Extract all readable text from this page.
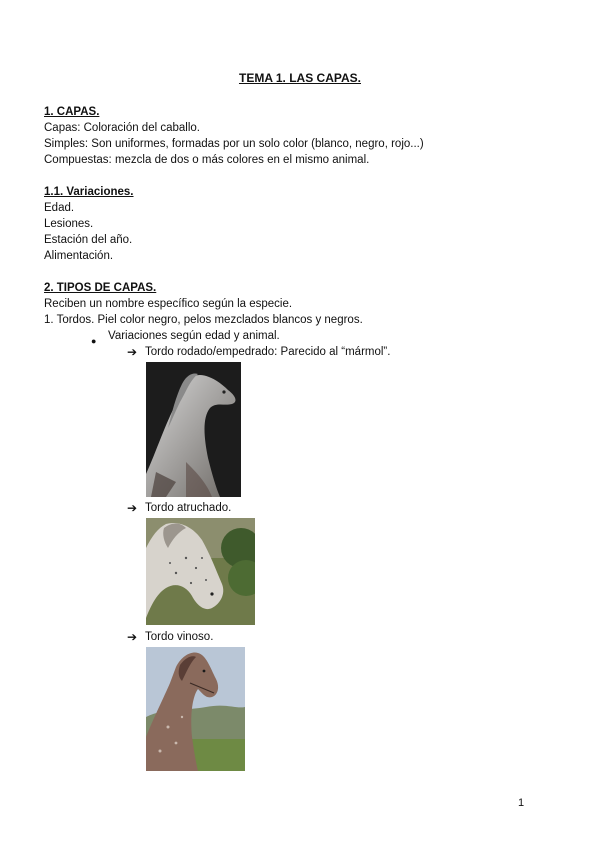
TEMA 1. LAS CAPAS.
1. CAPAS.
Capas: Coloración del caballo.
Simples: Son uniformes, formadas por un solo color (blanco, negro, rojo...)
Compuestas: mezcla de dos o más colores en el mismo animal.
1.1. Variaciones.
Edad.
Lesiones.
Estación del año.
Alimentación.
2. TIPOS DE CAPAS.
Reciben un nombre específico según la especie.
1. Tordos. Piel color negro, pelos mezclados blancos y negros.
● Variaciones según edad y animal.
➔ Tordo rodado/empedrado: Parecido al “mármol”.
➔ Tordo atruchado.
➔ Tordo vinoso.
1
